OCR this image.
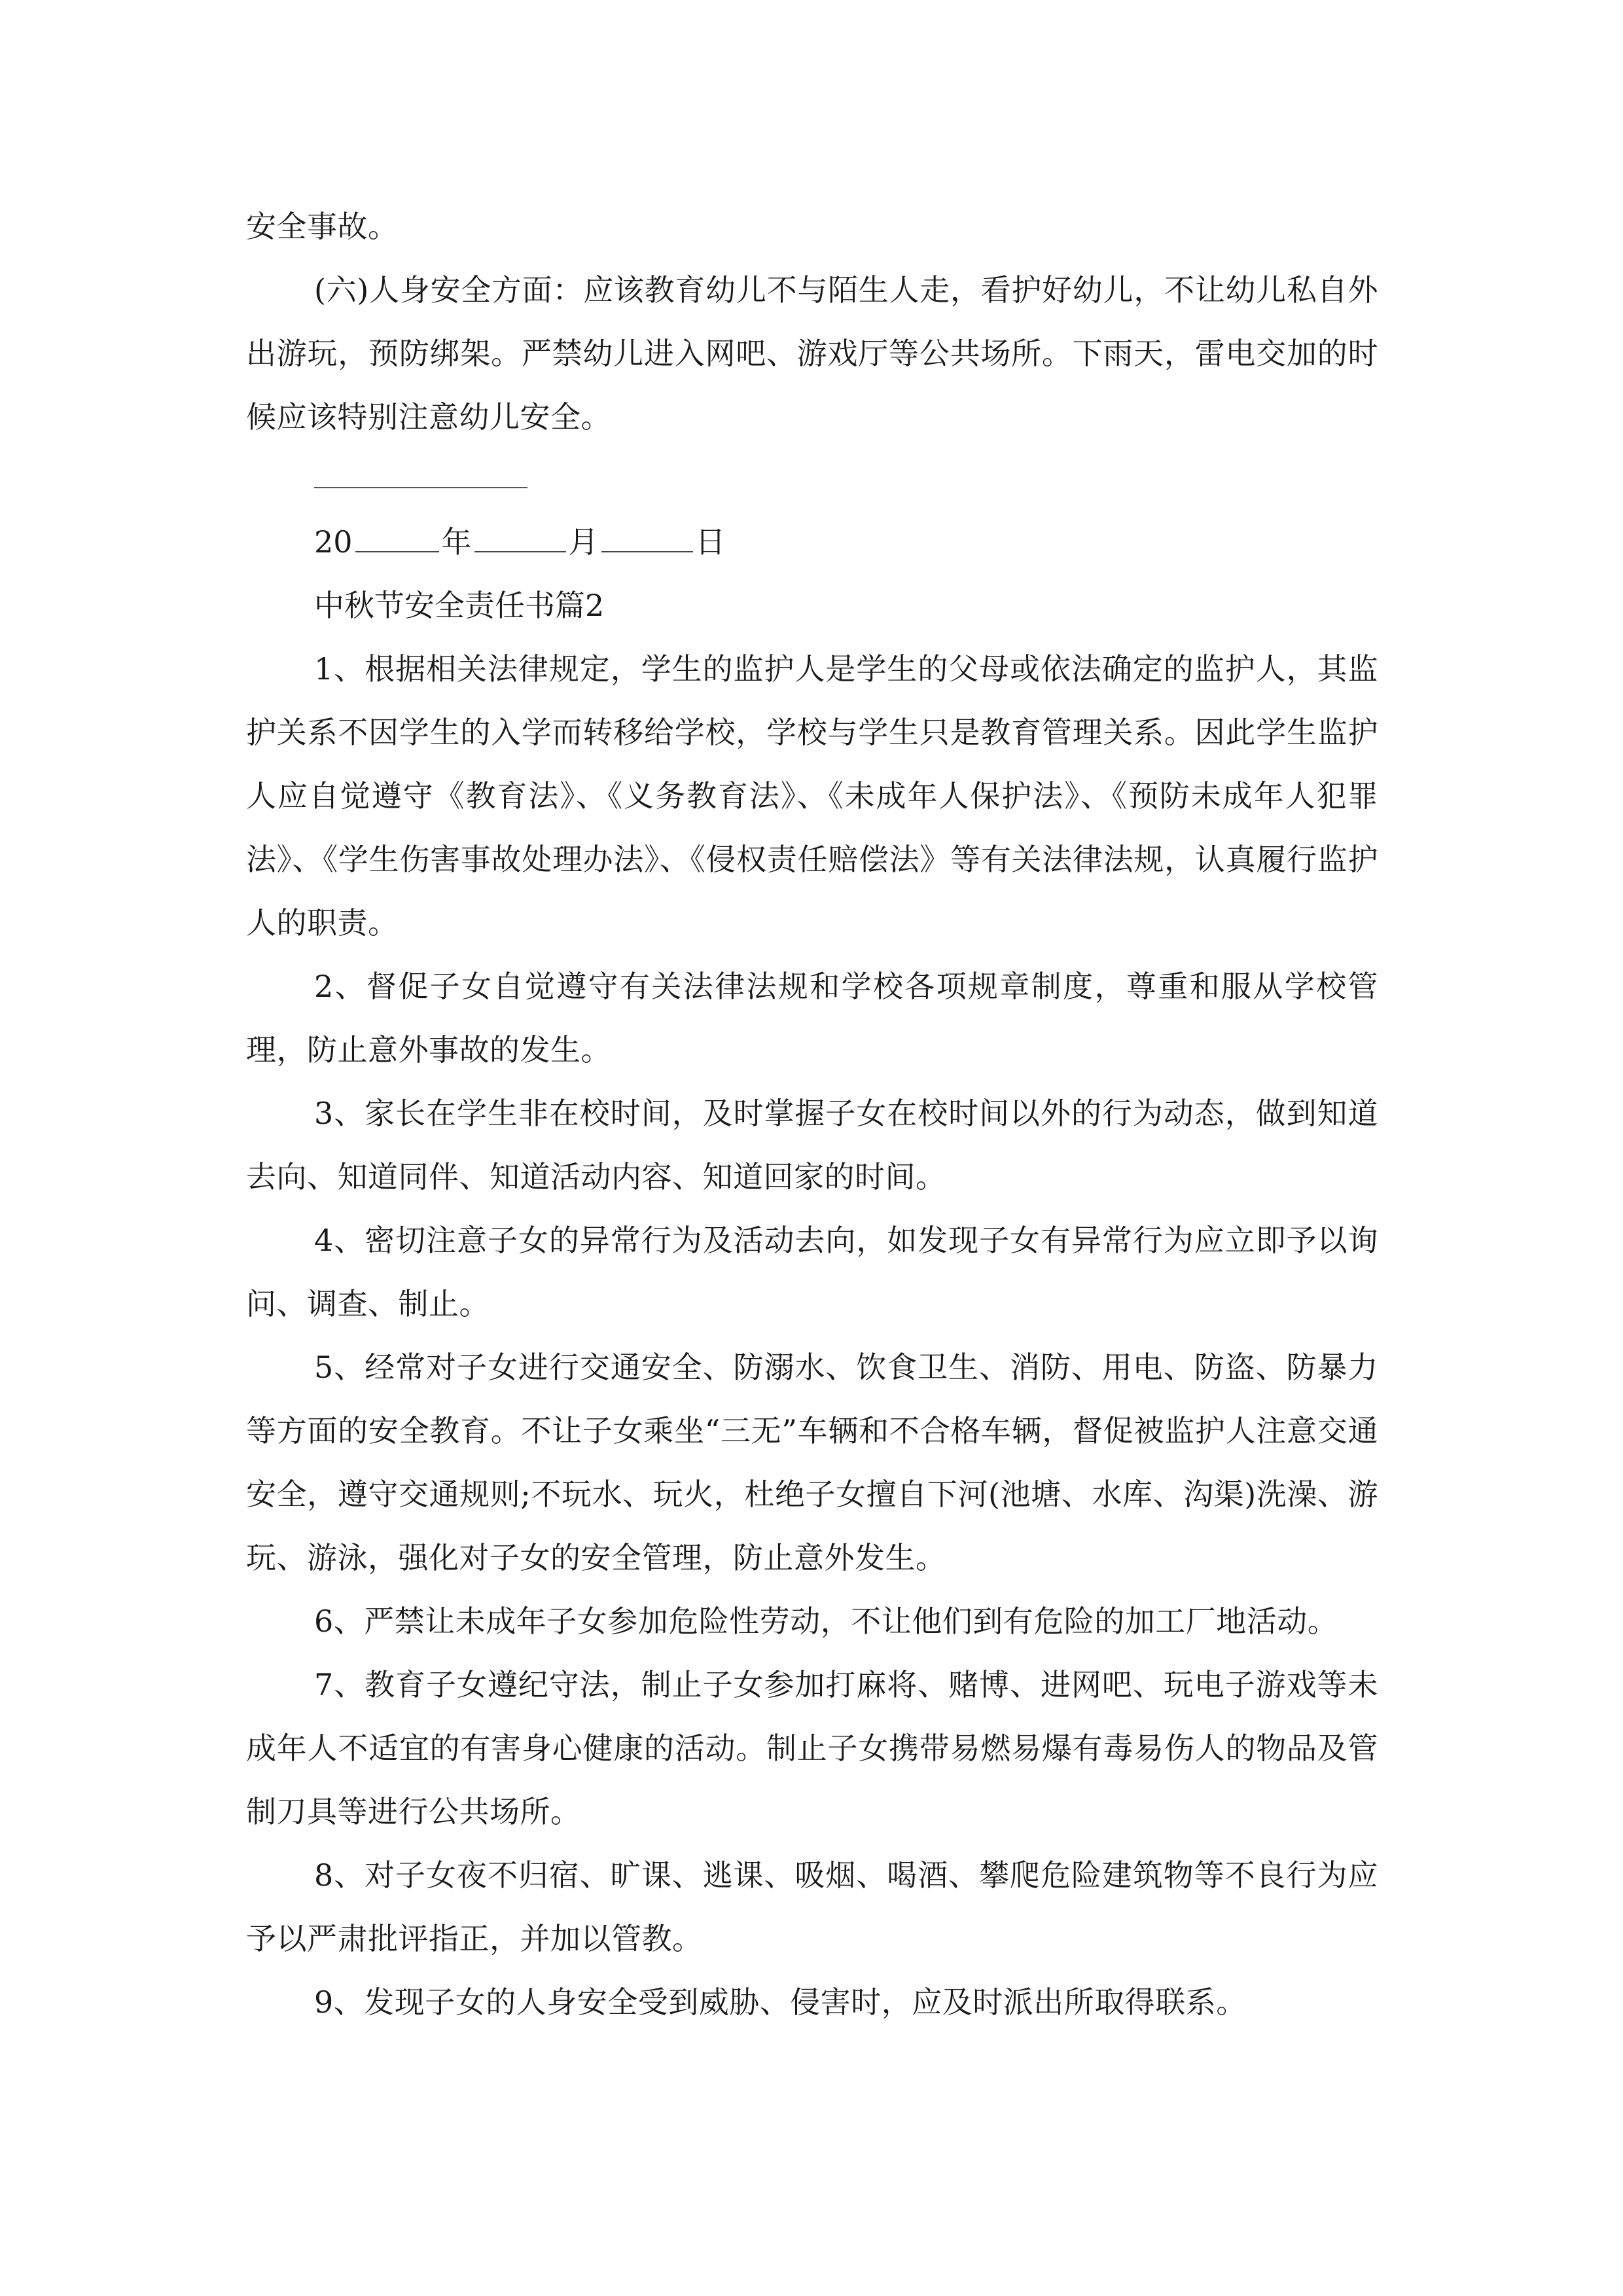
安全事故。

(六)人身安全方面：应该教育幼儿不与陌生人走，看护好幼儿，不让幼儿私自外出游玩，预防绑架。严禁幼儿进入网吧、游戏厅等公共场所。下雨天，雷电交加的时候应该特别注意幼儿安全。

20	年	月	日

中秋节安全责任书篇2

1、根据相关法律规定，学生的监护人是学生的父母或依法确定的监护人，其监护关系不因学生的入学而转移给学校，学校与学生只是教育管理关系。因此学生监护人应自觉遵守《教育法》、《义务教育法》、《未成年人保护法》、《预防未成年人犯罪法》、《学生伤害事故处理办法》、《侵权责任赔偿法》等有关法律法规，认真履行监护人的职责。

2、督促子女自觉遵守有关法律法规和学校各项规章制度，尊重和服从学校管理，防止意外事故的发生。

3、家长在学生非在校时间，及时掌握子女在校时间以外的行为动态，做到知道去向、知道同伴、知道活动内容、知道回家的时间。

4、密切注意子女的异常行为及活动去向，如发现子女有异常行为应立即予以询问、调查、制止。

5、经常对子女进行交通安全、防溺水、饮食卫生、消防、用电、防盗、防暴力等方面的安全教育。不让子女乘坐“三无”车辆和不合格车辆，督促被监护人注意交通安全，遵守交通规则;不玩水、玩火，杜绝子女擅自下河(池塘、水库、沟渠)洗澡、游玩、游泳，强化对子女的安全管理，防止意外发生。

6、严禁让未成年子女参加危险性劳动，不让他们到有危险的加工厂地活动。

7、教育子女遵纪守法，制止子女参加打麻将、赌博、进网吧、玩电子游戏等未成年人不适宜的有害身心健康的活动。制止子女携带易燃易爆有毒易伤人的物品及管制刀具等进行公共场所。

8、对子女夜不归宿、旷课、逃课、吸烟、喝酒、攀爬危险建筑物等不良行为应予以严肃批评指正，并加以管教。

9、发现子女的人身安全受到威胁、侵害时，应及时派出所取得联系。
